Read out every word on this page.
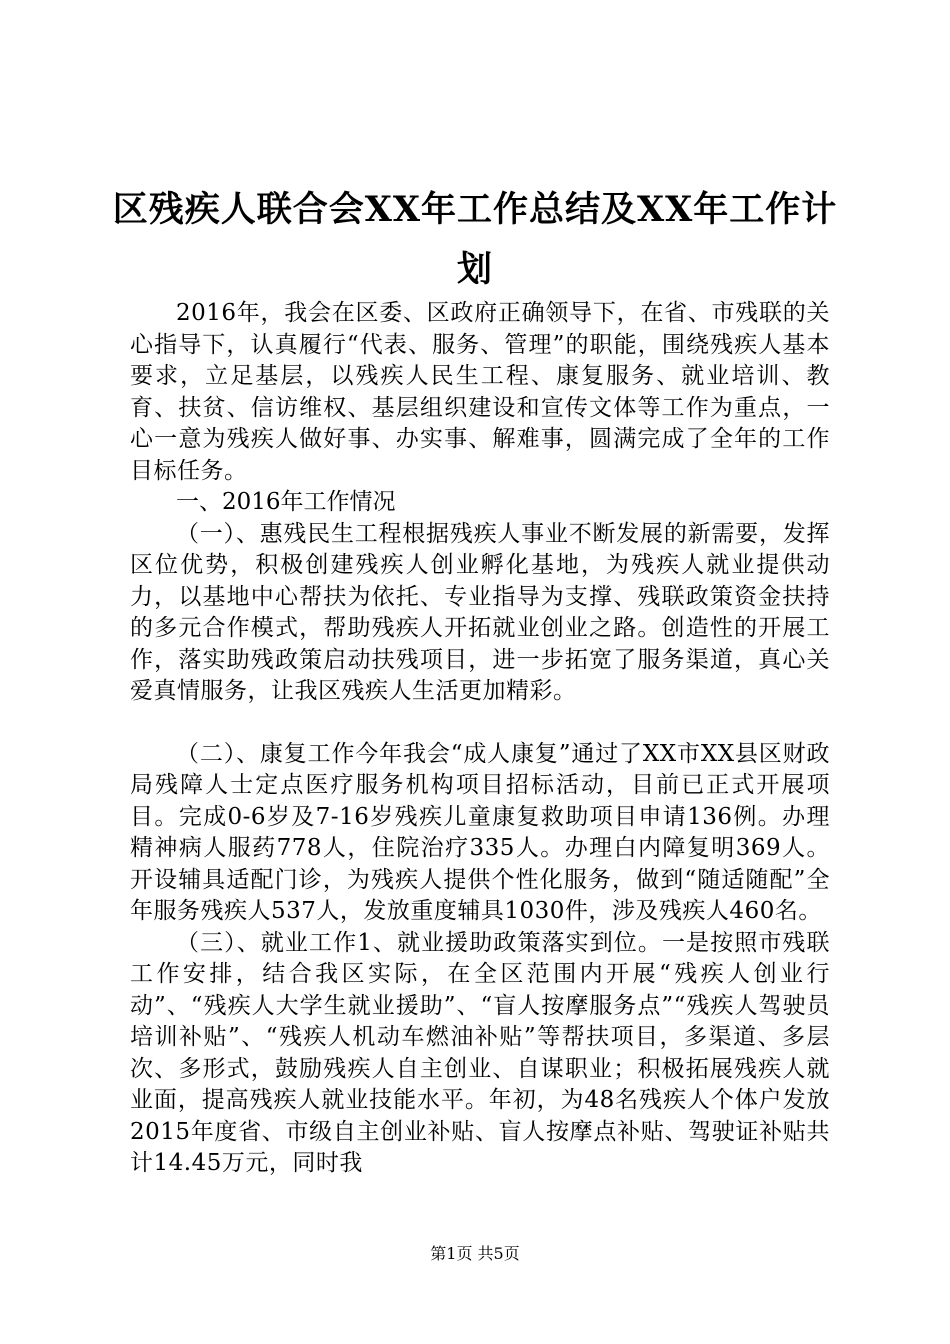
区残疾人联合会XX年工作总结及XX年工作计划

2016年，我会在区委、区政府正确领导下，在省、市残联的关心指导下，认真履行“代表、服务、管理”的职能，围绕残疾人基本要求，立足基层，以残疾人民生工程、康复服务、就业培训、教育、扶贫、信访维权、基层组织建设和宣传文体等工作为重点，一心一意为残疾人做好事、办实事、解难事，圆满完成了全年的工作目标任务。

一、2016年工作情况

（一）、惠残民生工程根据残疾人事业不断发展的新需要，发挥区位优势，积极创建残疾人创业孵化基地，为残疾人就业提供动力，以基地中心帮扶为依托、专业指导为支撑、残联政策资金扶持的多元合作模式，帮助残疾人开拓就业创业之路。创造性的开展工作，落实助残政策启动扶残项目，进一步拓宽了服务渠道，真心关爱真情服务，让我区残疾人生活更加精彩。

（二）、康复工作今年我会“成人康复”通过了XX市XX县区财政局残障人士定点医疗服务机构项目招标活动，目前已正式开展项目。完成0-6岁及7-16岁残疾儿童康复救助项目申请136例。办理精神病人服药778人，住院治疗335人。办理白内障复明369人。开设辅具适配门诊，为残疾人提供个性化服务，做到“随适随配”全年服务残疾人537人，发放重度辅具1030件，涉及残疾人460名。

（三）、就业工作1、就业援助政策落实到位。一是按照市残联工作安排，结合我区实际，在全区范围内开展“残疾人创业行动”、“残疾人大学生就业援助”、“盲人按摩服务点”“残疾人驾驶员培训补贴”、“残疾人机动车燃油补贴”等帮扶项目，多渠道、多层次、多形式，鼓励残疾人自主创业、自谋职业；积极拓展残疾人就业面，提高残疾人就业技能水平。年初，为48名残疾人个体户发放2015年度省、市级自主创业补贴、盲人按摩点补贴、驾驶证补贴共计14.45万元，同时我

第1页 共5页
